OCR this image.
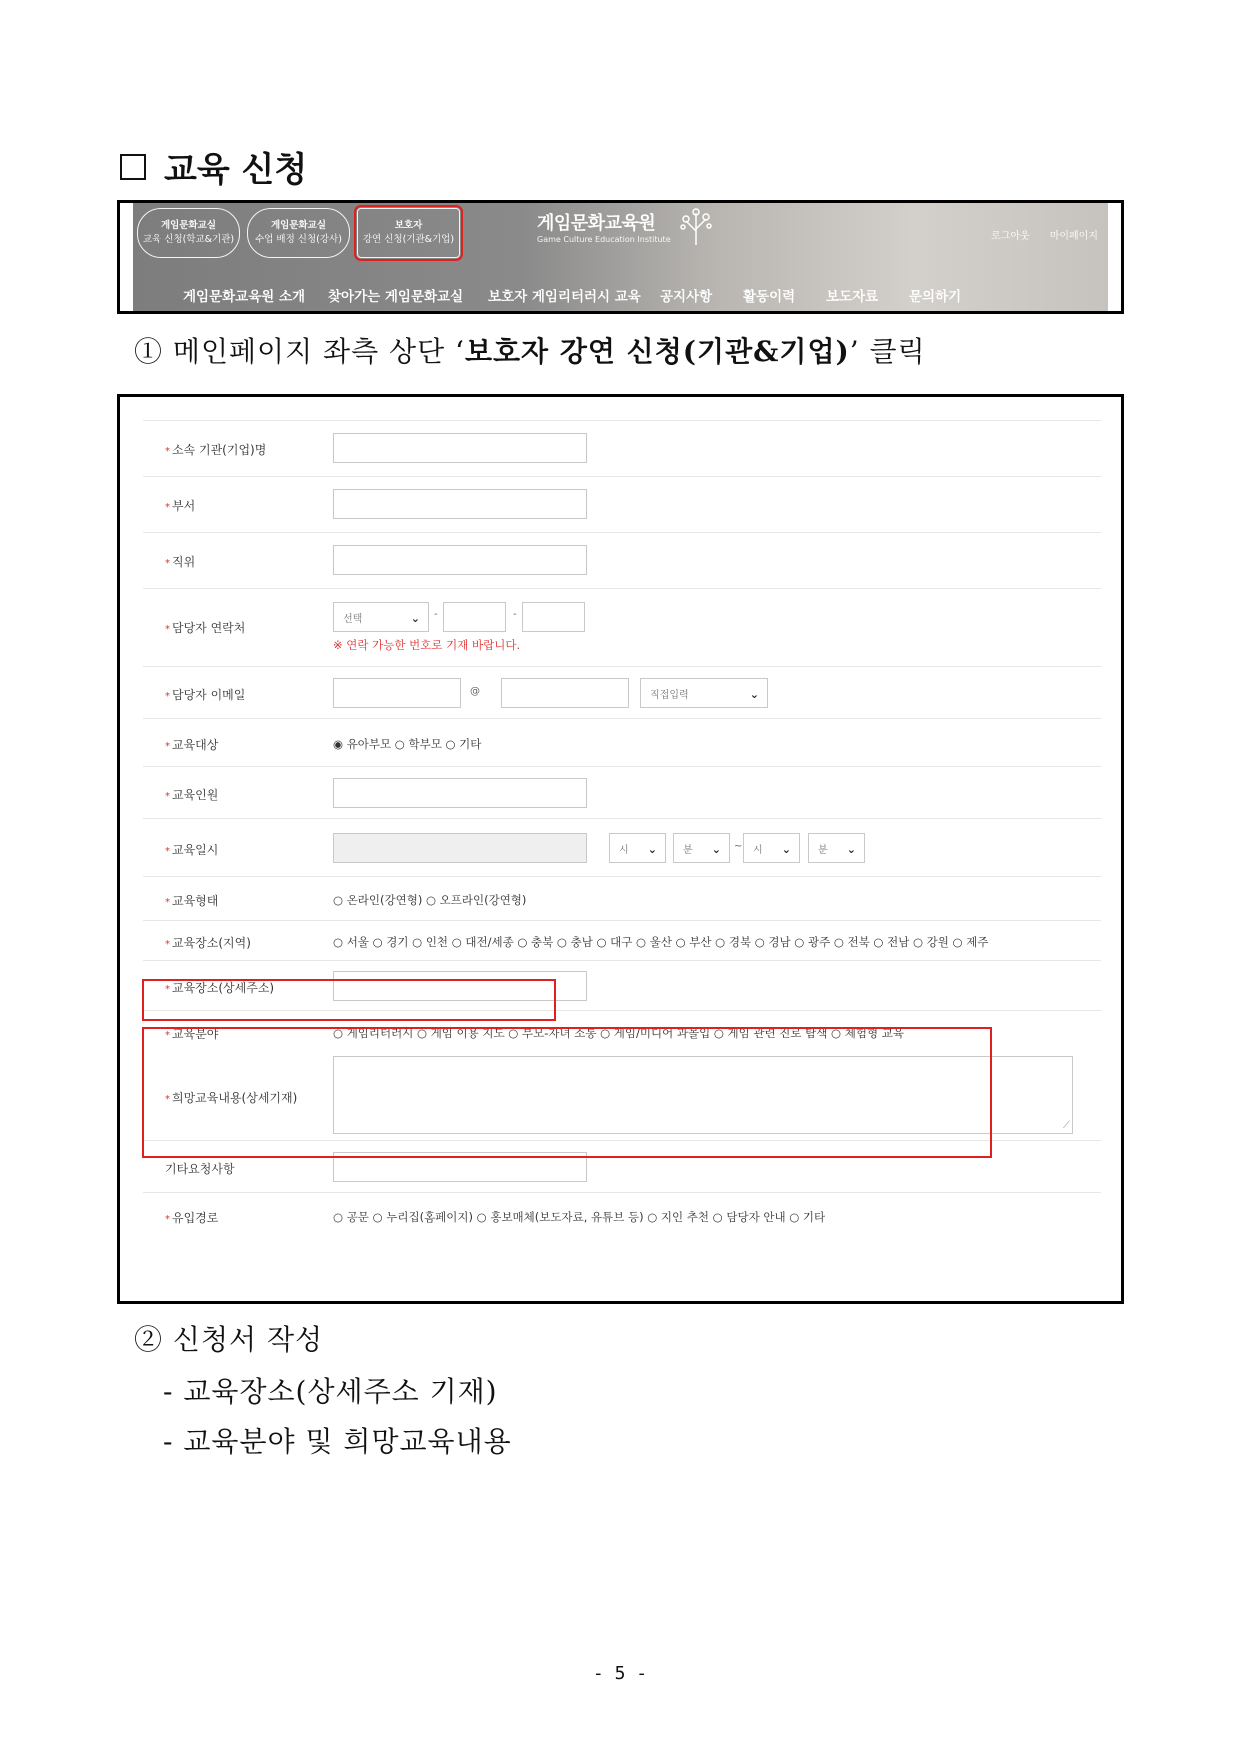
교육 신청
게임문화교실
교육 신청(학교&기관)
게임문화교실
수업 배정 신청(강사)
보호자
강연 신청(기관&기업)
게임문화교육원
Game Culture Education Institute	로그아웃 마이페이지
게임문화교육원 소개 찾아가는 게임문화교실 보호자 게임리터러시 교육 공지사항 활동이력 보도자료 문의하기
① 메인페이지 좌측 상단 ‘보호자 강연 신청(기관&기업)’ 클릭
* 소속 기관(기업)명
* 부서
* 직위
* 담당자 연락처
선택	⌄ -	-
※ 연락 가능한 번호로 기재 바랍니다.
* 담당자 이메일	@	직접입력	⌄
* 교육대상	◉ 유아부모 ○ 학부모 ○ 기타
* 교육인원
* 교육일시	시 ⌄	분 ⌄ ~ 시 ⌄	분 ⌄
* 교육형태	○ 온라인(강연형) ○ 오프라인(강연형)
* 교육장소(지역)	○ 서울 ○ 경기 ○ 인천 ○ 대전/세종 ○ 충북 ○ 충남 ○ 대구 ○ 울산 ○ 부산 ○ 경북 ○ 경남 ○ 광주 ○ 전북 ○ 전남 ○ 강원 ○ 제주
* 교육장소(상세주소)
* 교육분야	○ 게임리터러시 ○ 게임 이용 지도 ○ 부모-자녀 소통 ○ 게임/미디어 과몰입 ○ 게임 관련 진로 탐색 ○ 체험형 교육
* 희망교육내용(상세기재)
⟋
기타요청사항
* 유입경로	○ 공문 ○ 누리집(홈페이지) ○ 홍보매체(보도자료, 유튜브 등) ○ 지인 추천 ○ 담당자 안내 ○ 기타
② 신청서 작성
- 교육장소(상세주소 기재)
- 교육분야 및 희망교육내용
- 5 -
